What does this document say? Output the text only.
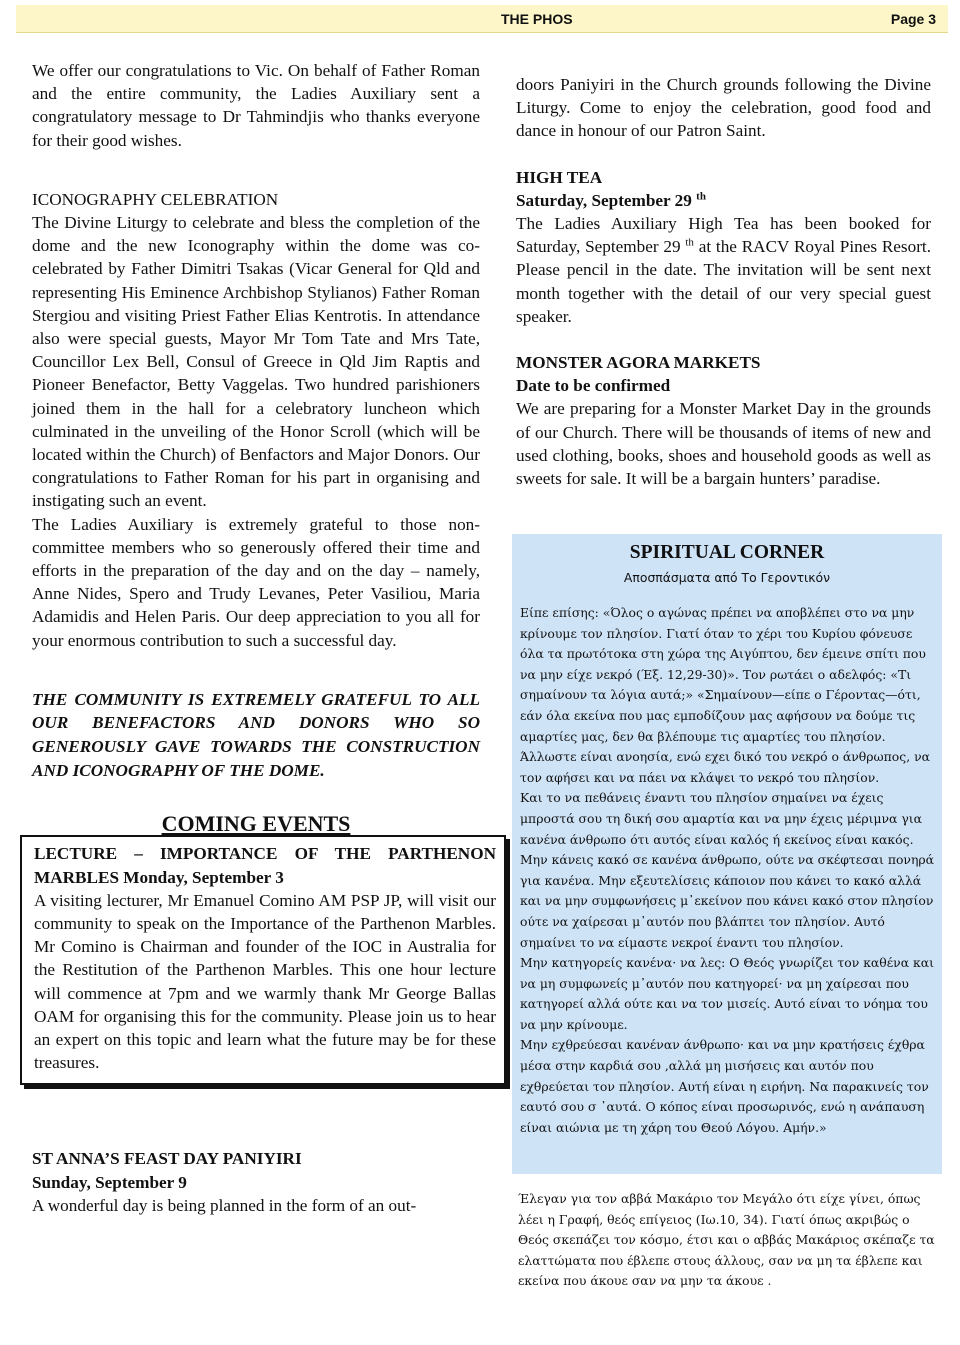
THE PHOS	Page 3

We offer our congratulations to Vic. On behalf of Father Roman and the entire community, the Ladies Auxiliary sent a congratulatory message to Dr Tahmindjis who thanks everyone for their good wishes.

ICONOGRAPHY CELEBRATION

The Divine Liturgy to celebrate and bless the completion of the dome and the new Iconography within the dome was co-celebrated by Father Dimitri Tsakas (Vicar General for Qld and representing His Eminence Archbishop Stylianos) Father Roman Stergiou and visiting Priest Father Elias Kentrotis. In attendance also were special guests, Mayor Mr Tom Tate and Mrs Tate, Councillor Lex Bell, Consul of Greece in Qld Jim Raptis and Pioneer Benefactor, Betty Vaggelas. Two hundred parishioners joined them in the hall for a celebratory luncheon which culminated in the unveiling of the Honor Scroll (which will be located within the Church) of Benfactors and Major Donors. Our congratulations to Father Roman for his part in organising and instigating such an event.

The Ladies Auxiliary is extremely grateful to those non-committee members who so generously offered their time and efforts in the preparation of the day and on the day – namely, Anne Nides, Spero and Trudy Levanes, Peter Vasiliou, Maria Adamidis and Helen Paris. Our deep appreciation to you all for your enormous contribution to such a successful day.

THE COMMUNITY IS EXTREMELY GRATEFUL TO ALL OUR BENEFACTORS AND DONORS WHO SO GENEROUSLY GAVE TOWARDS THE CONSTRUCTION AND ICONOGRAPHY OF THE DOME.

COMING EVENTS

LECTURE – IMPORTANCE OF THE PARTHENON MARBLES Monday, September 3

A visiting lecturer, Mr Emanuel Comino AM PSP JP, will visit our community to speak on the Importance of the Parthenon Marbles. Mr Comino is Chairman and founder of the IOC in Australia for the Restitution of the Parthenon Marbles. This one hour lecture will commence at 7pm and we warmly thank Mr George Ballas OAM for organising this for the community. Please join us to hear an expert on this topic and learn what the future may be for these treasures.

ST ANNA’S FEAST DAY PANIYIRI

Sunday, September 9

A wonderful day is being planned in the form of an out-

doors Paniyiri in the Church grounds following the Divine Liturgy. Come to enjoy the celebration, good food and dance in honour of our Patron Saint.

HIGH TEA

Saturday, September 29 $^{th}$

The Ladies Auxiliary High Tea has been booked for Saturday, September 29 $^{th}$ at the RACV Royal Pines Resort. Please pencil in the date. The invitation will be sent next month together with the detail of our very special guest speaker.

MONSTER AGORA MARKETS

Date to be confirmed

We are preparing for a Monster Market Day in the grounds of our Church. There will be thousands of items of new and used clothing, books, shoes and household goods as well as sweets for sale. It will be a bargain hunters’ paradise.

SPIRITUAL CORNER
Αποσπάσματα από Το Γεροντικόν

Είπε επίσης: «Όλος ο αγώνας πρέπει να αποβλέπει στο να μην κρίνουμε τον πλησίον. Γιατί όταν το χέρι του Κυρίου φόνευσε όλα τα πρωτότοκα στη χώρα της Αιγύπτου, δεν έμεινε σπίτι που να μην είχε νεκρό (Έξ. 12,29-30)». Τον ρωτάει ο αδελφός: «Τι σημαίνουν τα λόγια αυτά;» «Σημαίνουν—είπε ο Γέροντας—ότι, εάν όλα εκείνα που μας εμποδίζουν μας αφήσουν να δούμε τις αμαρτίες μας, δεν θα βλέπουμε τις αμαρτίες του πλησίον. Άλλωστε είναι ανοησία, ενώ εχει δικό του νεκρό ο άνθρωπος, να τον αφήσει και να πάει να κλάψει το νεκρό του πλησίον.

Και το να πεθάνεις έναντι του πλησίον σημαίνει να έχεις μπροστά σου τη δική σου αμαρτία και να μην έχεις μέριμνα για κανένα άνθρωπο ότι αυτός είναι καλός ή εκείνος είναι κακός. Μην κάνεις κακό σε κανένα άνθρωπο, ούτε να σκέφτεσαι πονηρά για κανένα. Μην εξευτελίσεις κάποιον που κάνει το κακό αλλά και να μην συμφωνήσεις μ᾽εκείνον που κάνει κακό στον πλησίον ούτε να χαίρεσαι μ᾽αυτόν που βλάπτει τον πλησίον. Αυτό σημαίνει το να είμαστε νεκροί έναντι του πλησίον.

Μην κατηγορείς κανένα· να λες: Ο Θεός γνωρίζει τον καθένα και να μη συμφωνείς μ᾽αυτόν που κατηγορεί· να μη χαίρεσαι που κατηγορεί αλλά ούτε και να τον μισείς. Αυτό είναι το νόημα του να μην κρίνουμε.

Μην εχθρεύεσαι κανέναν άνθρωπο· και να μην κρατήσεις έχθρα μέσα στην καρδιά σου ,αλλά μη μισήσεις και αυτόν που εχθρεύεται τον πλησίον. Αυτή είναι η ειρήνη. Να παρακινείς τον εαυτό σου σ ᾽αυτά. Ο κόπος είναι προσωρινός, ενώ η ανάπαυση είναι αιώνια με τη χάρη του Θεού Λόγου. Αμήν.»

Έλεγαν για τον αββά Μακάριο τον Μεγάλο ότι είχε γίνει, όπως λέει η Γραφή, θεός επίγειος (Ιω.10, 34). Γιατί όπως ακριβώς ο Θεός σκεπάζει τον κόσμο, έτσι και ο αββάς Μακάριος σκέπαζε τα ελαττώματα που έβλεπε στους άλλους, σαν να μη τα έβλεπε και εκείνα που άκουε σαν να μην τα άκουε .
